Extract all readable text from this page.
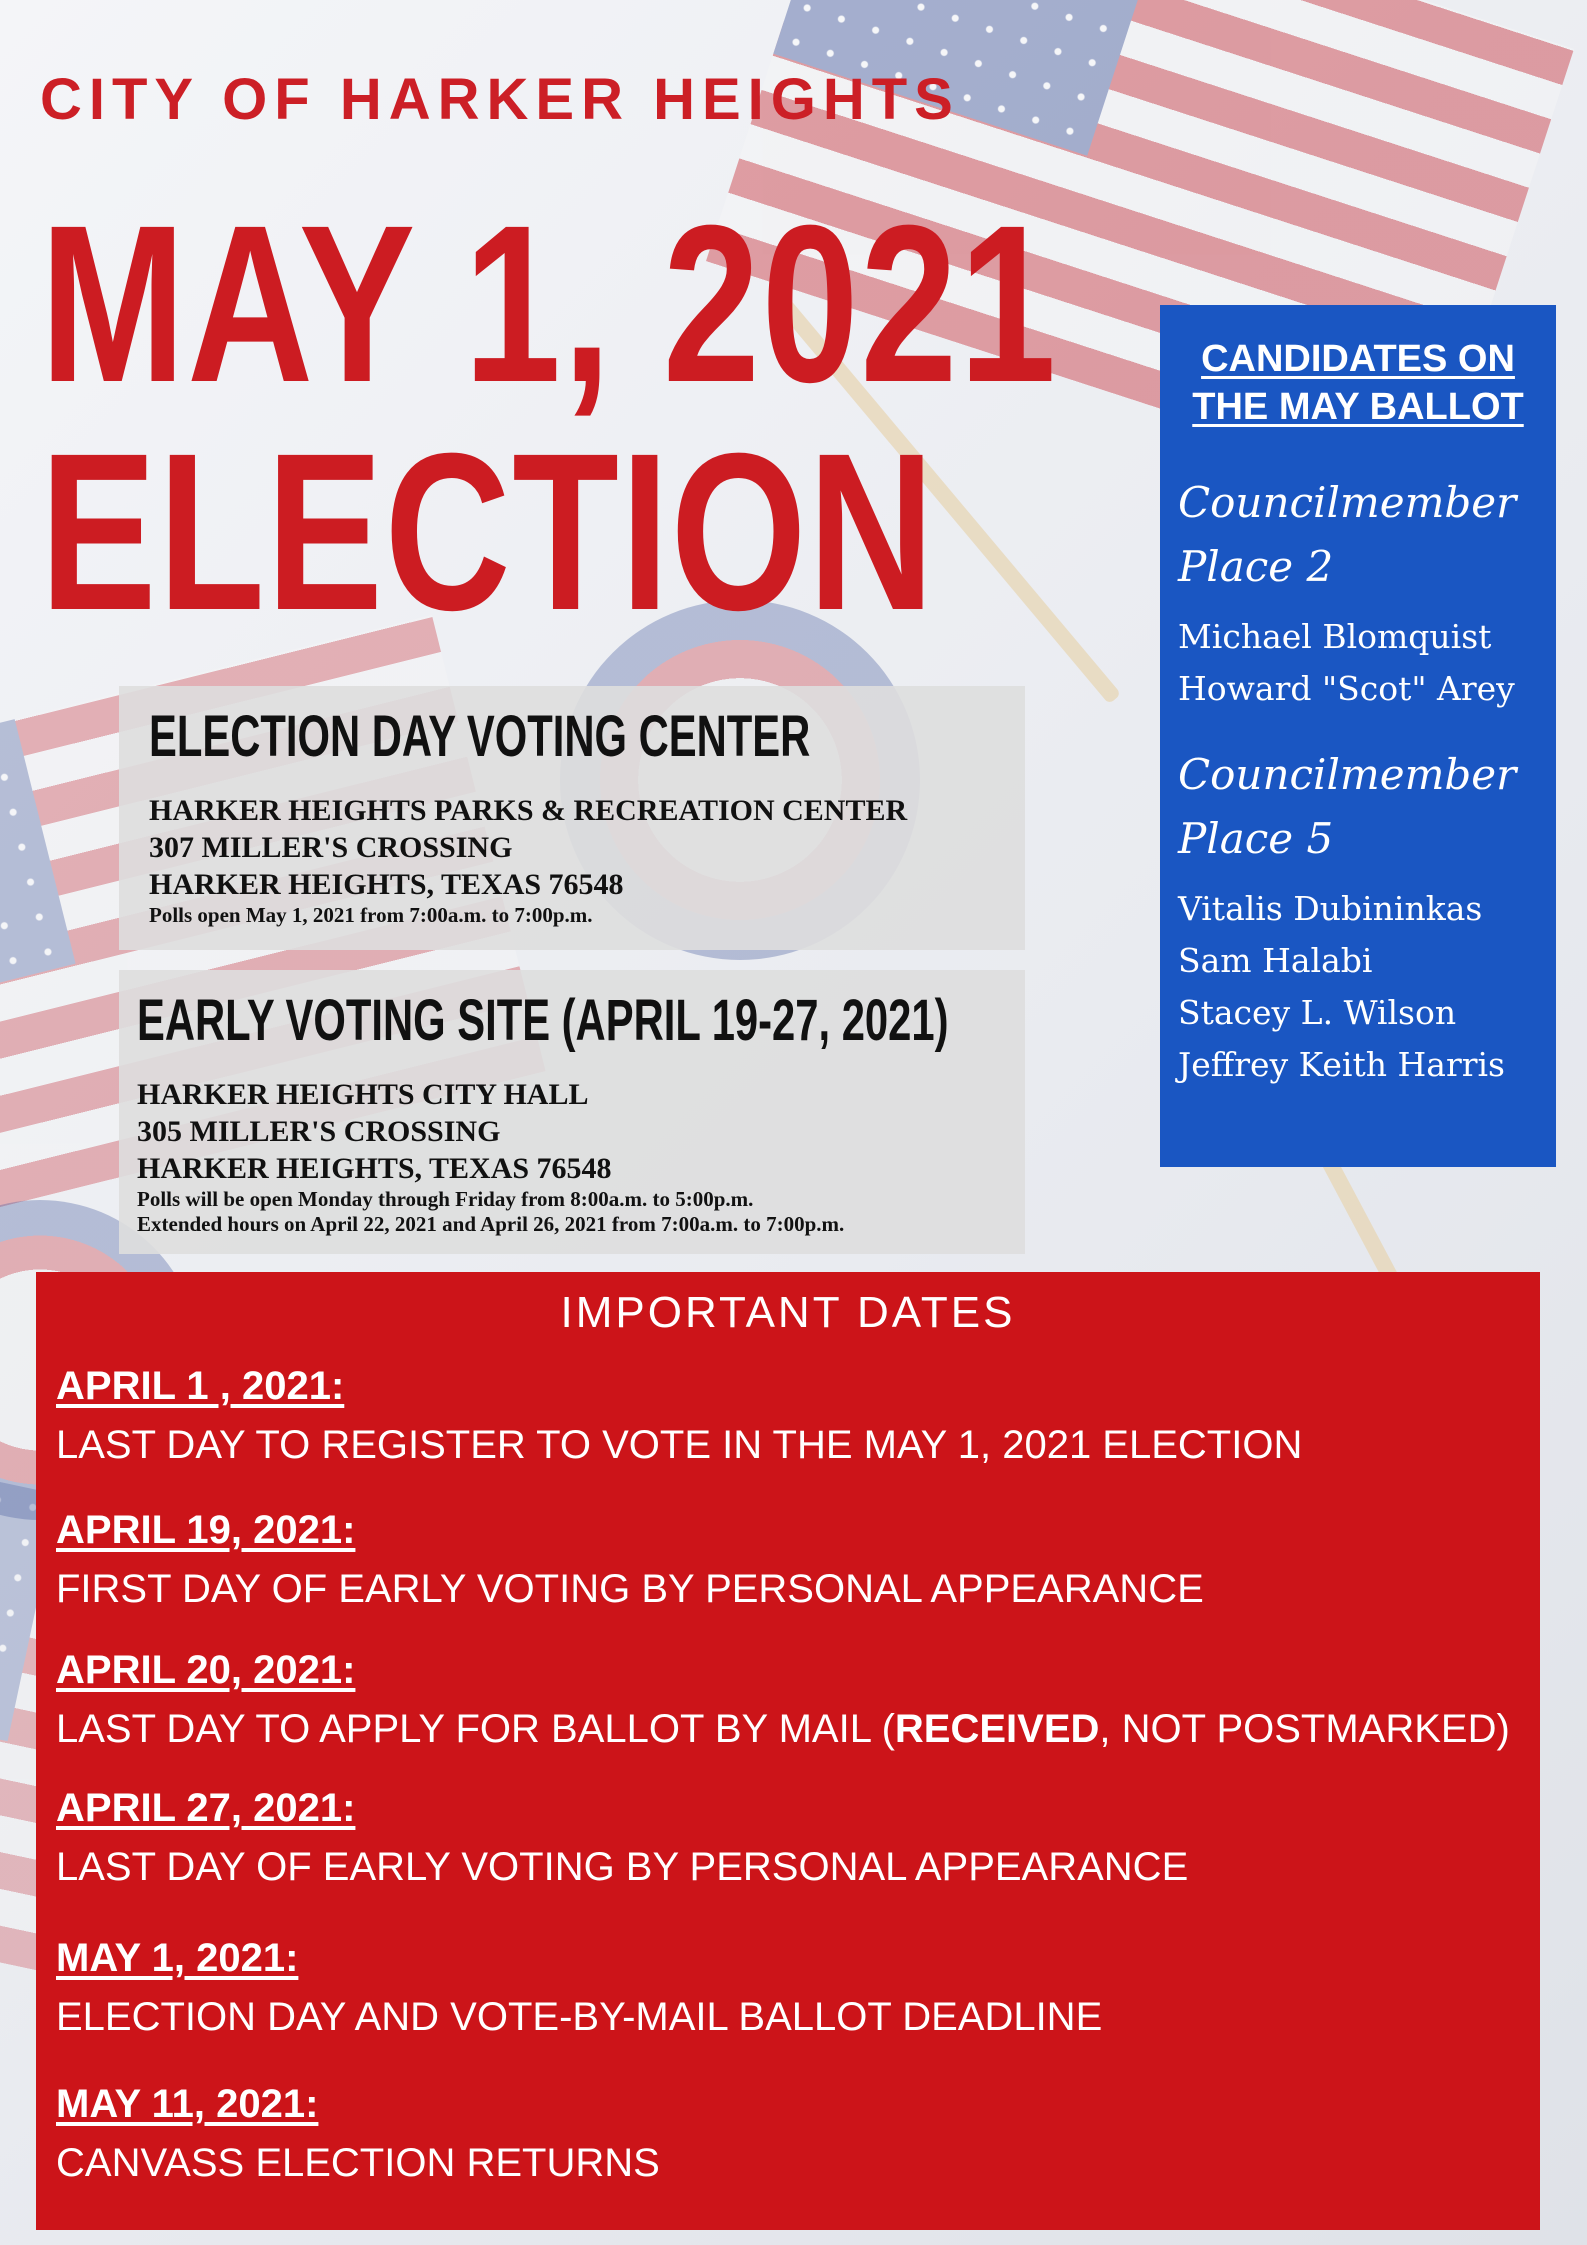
CITY OF HARKER HEIGHTS
MAY 1, 2021
ELECTION
ELECTION DAY VOTING CENTER
HARKER HEIGHTS PARKS & RECREATION CENTER
307 MILLER'S CROSSING
HARKER HEIGHTS, TEXAS 76548
Polls open May 1, 2021 from 7:00a.m. to 7:00p.m.
EARLY VOTING SITE (APRIL 19-27, 2021)
HARKER HEIGHTS CITY HALL
305 MILLER'S CROSSING
HARKER HEIGHTS, TEXAS 76548
Polls will be open Monday through Friday from 8:00a.m. to 5:00p.m.
Extended hours on April 22, 2021 and April 26, 2021 from 7:00a.m. to 7:00p.m.
CANDIDATES ON
THE MAY BALLOT
Councilmember
Place 2
Michael Blomquist
Howard "Scot" Arey
Councilmember
Place 5
Vitalis Dubininkas
Sam Halabi
Stacey L. Wilson
Jeffrey Keith Harris
IMPORTANT DATES
APRIL 1 , 2021:
LAST DAY TO REGISTER TO VOTE IN THE MAY 1, 2021 ELECTION
APRIL 19, 2021:
FIRST DAY OF EARLY VOTING BY PERSONAL APPEARANCE
APRIL 20, 2021:
LAST DAY TO APPLY FOR BALLOT BY MAIL (RECEIVED, NOT POSTMARKED)
APRIL 27, 2021:
LAST DAY OF EARLY VOTING BY PERSONAL APPEARANCE
MAY 1, 2021:
ELECTION DAY AND VOTE-BY-MAIL BALLOT DEADLINE
MAY 11, 2021:
CANVASS ELECTION RETURNS
